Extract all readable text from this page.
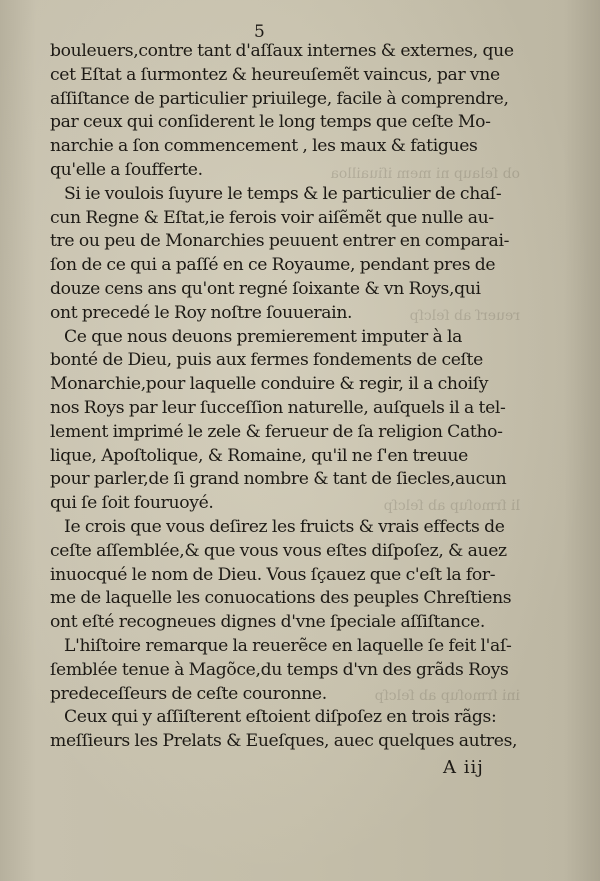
5
ob ſelaup ni mem iſiuailloa
reuerſ ab ſelcſp
li ſrmoſup ab ſelcſp
ini ſrmoſup ab ſelcſp
bouleuers,contre tant d'aſſaux internes & externes, que
cet Eſtat a ſurmontez & heureuſemẽt vaincus, par vne
aſſiſtance de particulier priuilege, facile à comprendre,
par ceux qui conſiderent le long temps que ceſte Mo-
narchie a ſon commencement , les maux & fatigues
qu'elle a ſoufferte.
Si ie voulois ſuyure le temps & le particulier de chaſ-
cun Regne & Eſtat,ie ferois voir aiſẽmẽt que nulle au-
tre ou peu de Monarchies peuuent entrer en comparai-
ſon de ce qui a paſſé en ce Royaume, pendant pres de
douze cens ans qu'ont regné ſoixante & vn Roys,qui
ont precedé le Roy noſtre ſouuerain.
Ce que nous deuons premierement imputer à la
bonté de Dieu, puis aux fermes fondements de ceſte
Monarchie,pour laquelle conduire & regir, il a choiſy
nos Roys par leur ſucceſſion naturelle, auſquels il a tel-
lement imprimé le zele & ferueur de ſa religion Catho-
lique, Apoſtolique, & Romaine, qu'il ne ſ'en treuue
pour parler,de ſi grand nombre & tant de ſiecles,aucun
qui ſe ſoit fouruoyé.
Ie crois que vous deſirez les fruicts & vrais effects de
ceſte aſſemblée,& que vous vous eſtes diſpoſez, & auez
inuocqué le nom de Dieu. Vous ſçauez que c'eſt la for-
me de laquelle les conuocations des peuples Chreſtiens
ont eſté recogneues dignes d'vne ſpeciale aſſiſtance.
L'hiſtoire remarque la reuerẽce en laquelle ſe feit l'aſ-
ſemblée tenue à Magõce,du temps d'vn des grãds Roys
predeceſſeurs de ceſte couronne.
Ceux qui y aſſiſterent eſtoient diſpoſez en trois rãgs:
meſſieurs les Prelats & Eueſques, auec quelques autres,
A iij
